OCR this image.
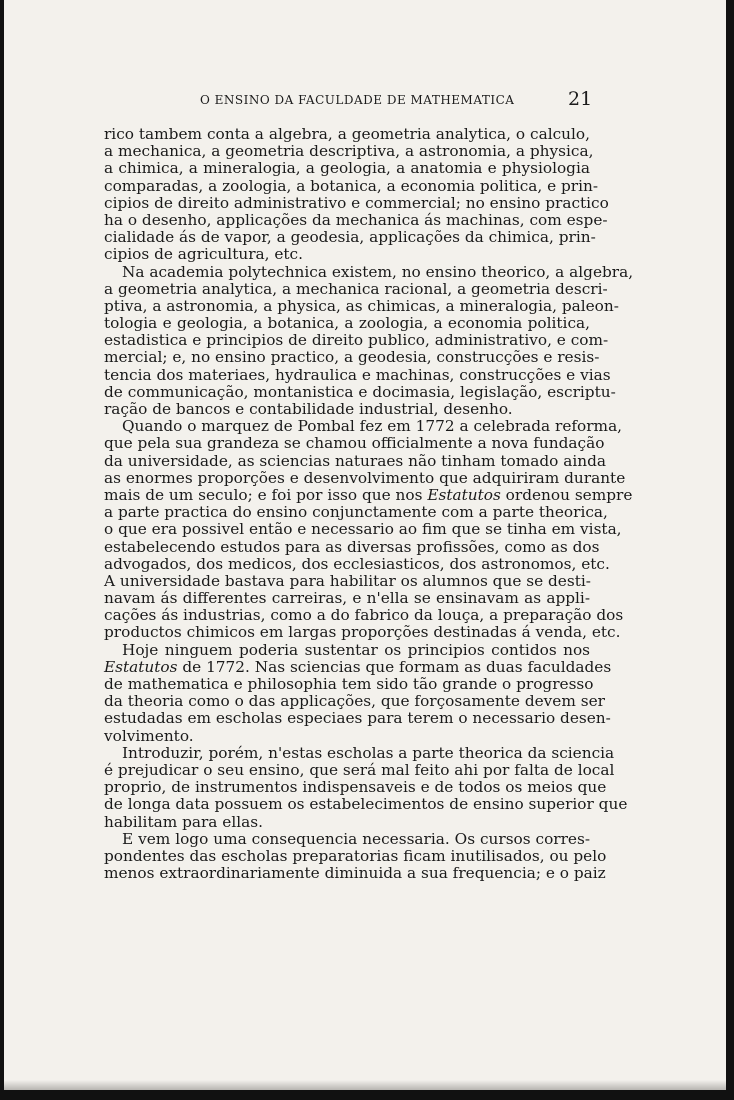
O ENSINO DA FACULDADE DE MATHEMATICA	21
rico tambem conta a algebra, a geometria analytica, o calculo,
a mechanica, a geometria descriptiva, a astronomia, a physica,
a chimica, a mineralogia, a geologia, a anatomia e physiologia
comparadas, a zoologia, a botanica, a economia politica, e prin-
cipios de direito administrativo e commercial; no ensino practico
ha o desenho, applicações da mechanica ás machinas, com espe-
cialidade ás de vapor, a geodesia, applicações da chimica, prin-
cipios de agricultura, etc.
Na academia polytechnica existem, no ensino theorico, a algebra,
a geometria analytica, a mechanica racional, a geometria descri-
ptiva, a astronomia, a physica, as chimicas, a mineralogia, paleon-
tologia e geologia, a botanica, a zoologia, a economia politica,
estadistica e principios de direito publico, administrativo, e com-
mercial; e, no ensino practico, a geodesia, construcções e resis-
tencia dos materiaes, hydraulica e machinas, construcções e vias
de communicação, montanistica e docimasia, legislação, escriptu-
ração de bancos e contabilidade industrial, desenho.
Quando o marquez de Pombal fez em 1772 a celebrada reforma,
que pela sua grandeza se chamou officialmente a nova fundação
da universidade, as sciencias naturaes não tinham tomado ainda
as enormes proporções e desenvolvimento que adquiriram durante
mais de um seculo; e foi por isso que nos Estatutos ordenou sempre
a parte practica do ensino conjunctamente com a parte theorica,
o que era possivel então e necessario ao fim que se tinha em vista,
estabelecendo estudos para as diversas profissões, como as dos
advogados, dos medicos, dos ecclesiasticos, dos astronomos, etc.
A universidade bastava para habilitar os alumnos que se desti-
navam ás differentes carreiras, e n'ella se ensinavam as appli-
cações ás industrias, como a do fabrico da louça, a preparação dos
productos chimicos em largas proporções destinadas á venda, etc.
Hoje ninguem poderia sustentar os principios contidos nos
Estatutos de 1772. Nas sciencias que formam as duas faculdades
de mathematica e philosophia tem sido tão grande o progresso
da theoria como o das applicações, que forçosamente devem ser
estudadas em escholas especiaes para terem o necessario desen-
volvimento.
Introduzir, porém, n'estas escholas a parte theorica da sciencia
é prejudicar o seu ensino, que será mal feito ahi por falta de local
proprio, de instrumentos indispensaveis e de todos os meios que
de longa data possuem os estabelecimentos de ensino superior que
habilitam para ellas.
E vem logo uma consequencia necessaria. Os cursos corres-
pondentes das escholas preparatorias ficam inutilisados, ou pelo
menos extraordinariamente diminuida a sua frequencia; e o paiz
